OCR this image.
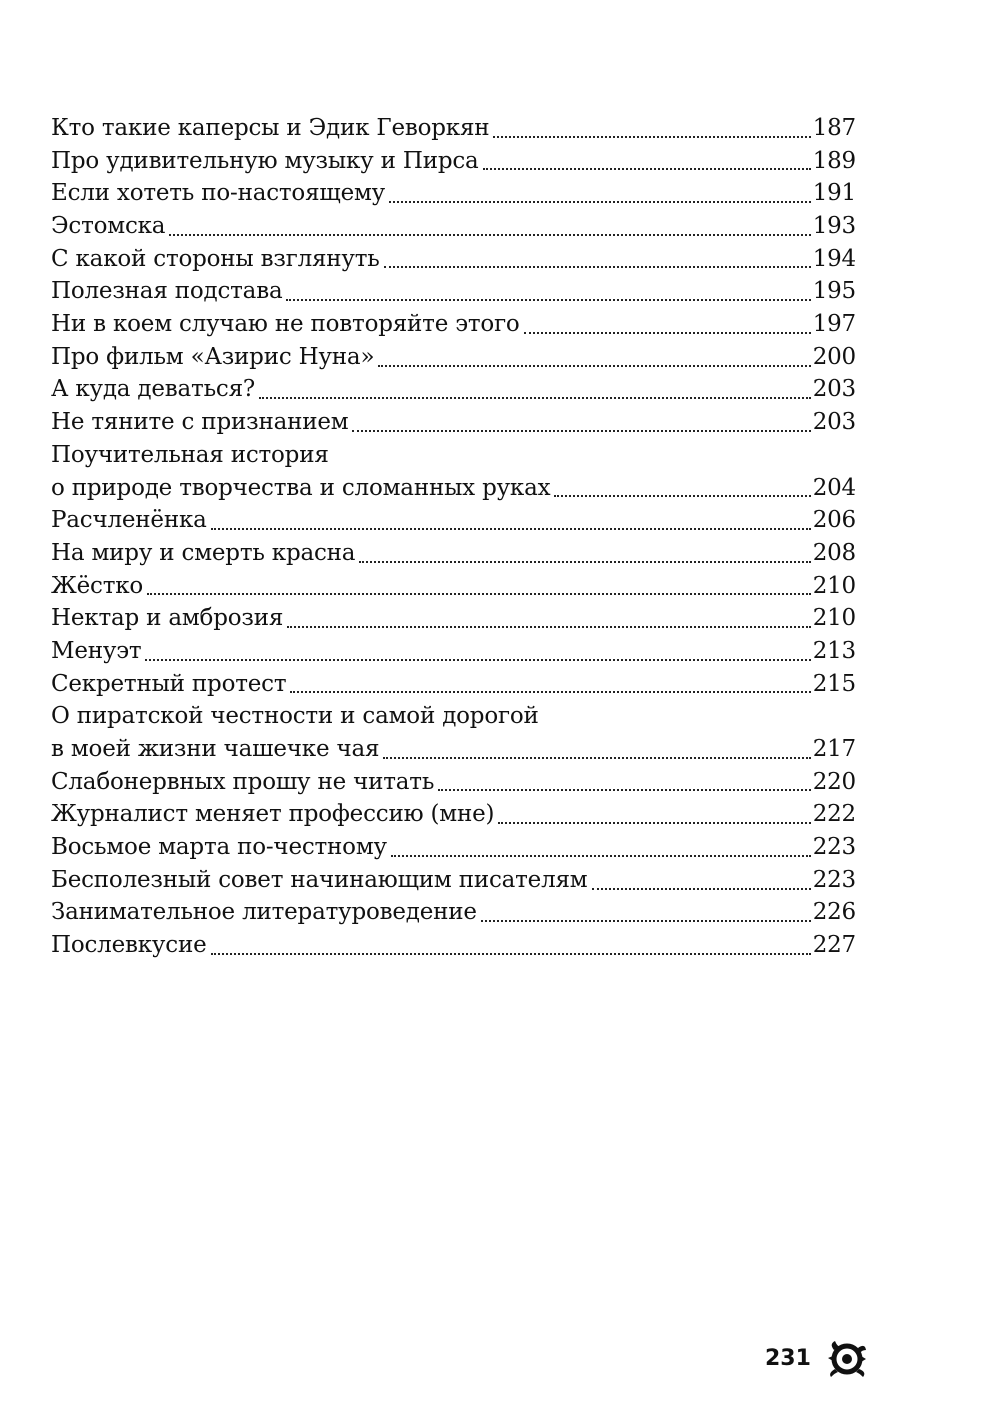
Кто такие каперсы и Эдик Геворкян	187
Про удивительную музыку и Пирса	189
Если хотеть по-настоящему	191
Эстомска	193
С какой стороны взглянуть	194
Полезная подстава	195
Ни в коем случаю не повторяйте этого	197
Про фильм «Азирис Нуна»	200
А куда деваться?	203
Не тяните с признанием	203
Поучительная история
о природе творчества и сломанных руках	204
Расчленёнка	206
На миру и смерть красна	208
Жёстко	210
Нектар и амброзия	210
Менуэт	213
Секретный протест	215
О пиратской честности и самой дорогой
в моей жизни чашечке чая	217
Слабонервных прошу не читать	220
Журналист меняет профессию (мне)	222
Восьмое марта по-честному	223
Бесполезный совет начинающим писателям	223
Занимательное литературоведение	226
Послевкусие	227
231
